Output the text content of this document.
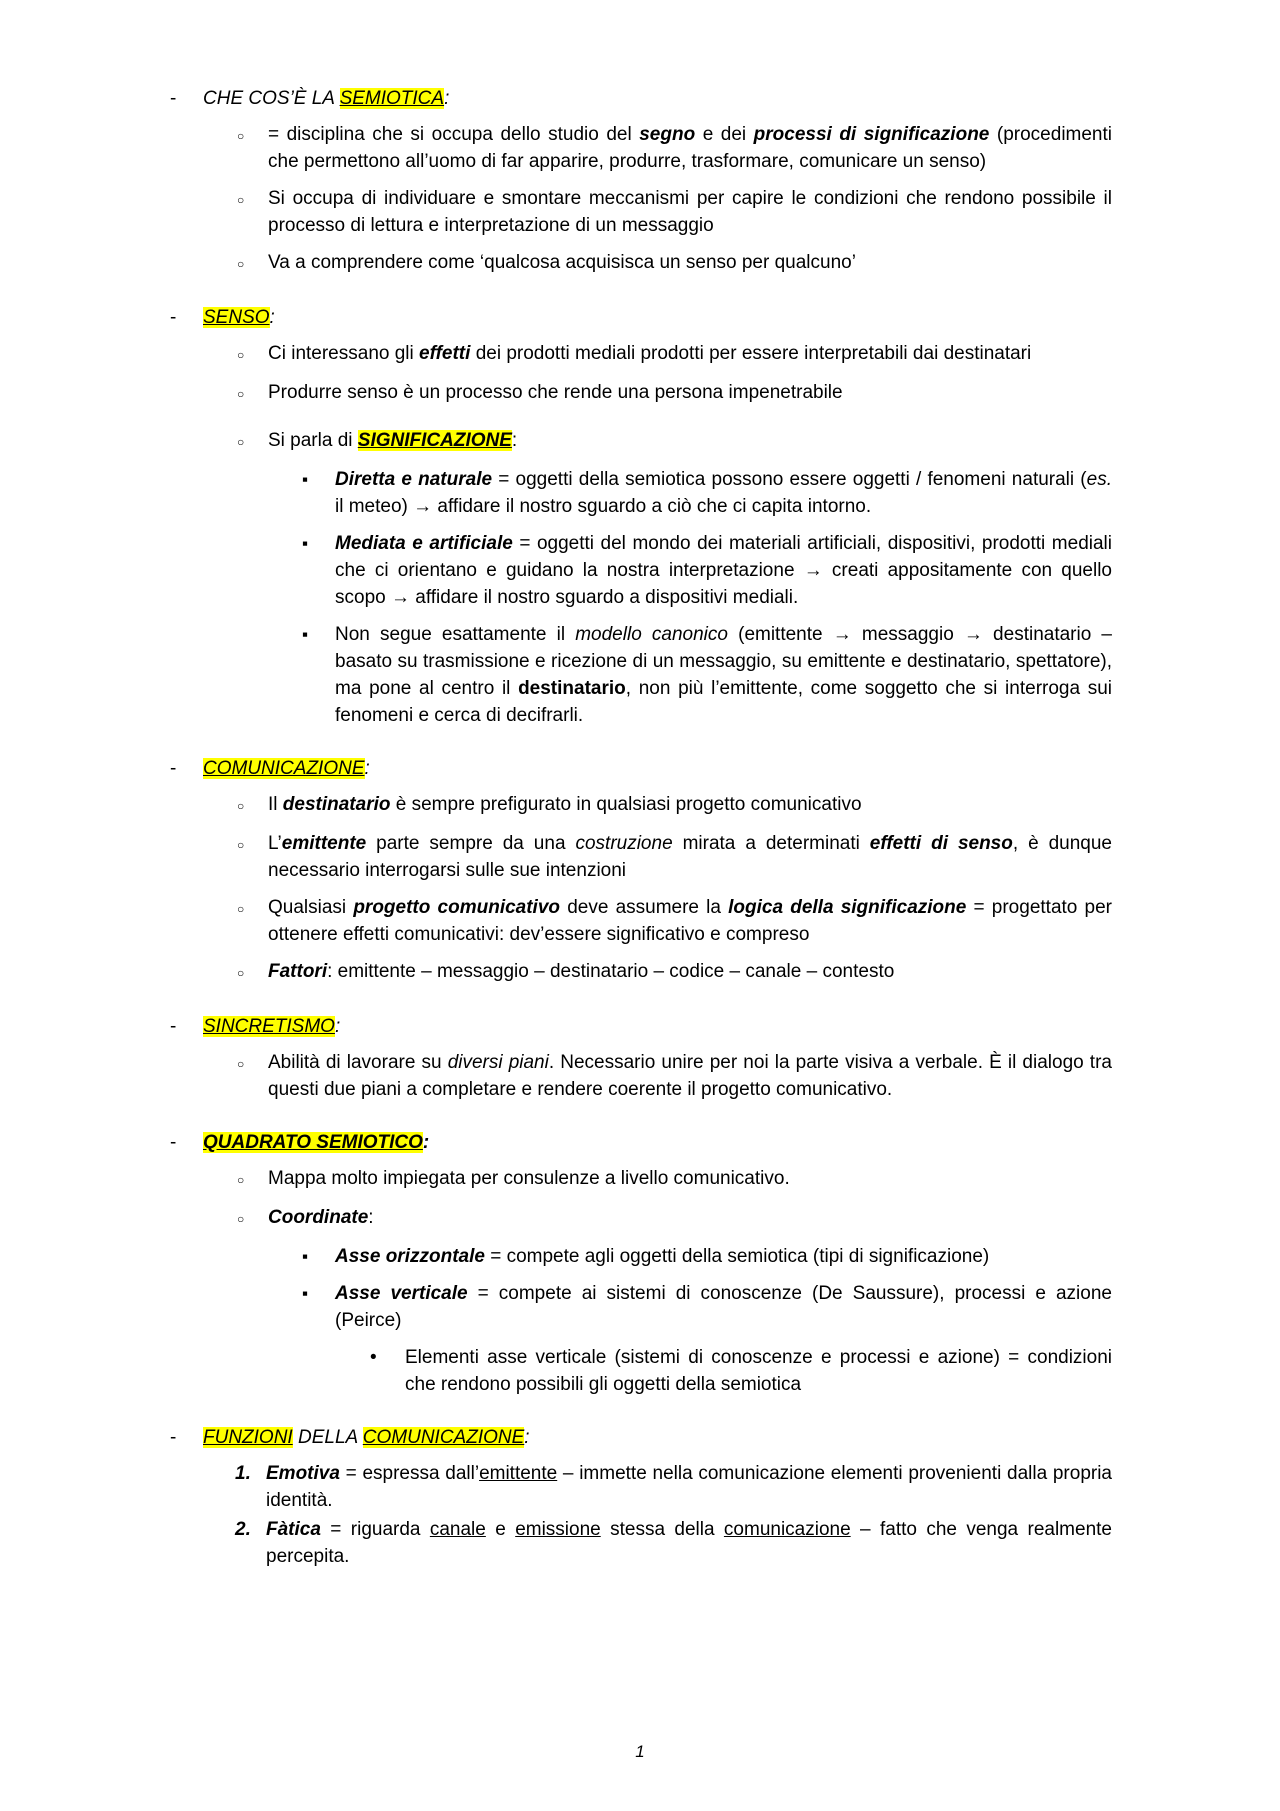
-	CHE COS’È LA SEMIOTICA:
○	= disciplina che si occupa dello studio del segno e dei processi di significazione (procedimenti che permettono all’uomo di far apparire, produrre, trasformare, comunicare un senso)
○	Si occupa di individuare e smontare meccanismi per capire le condizioni che rendono possibile il processo di lettura e interpretazione di un messaggio
○	Va a comprendere come ‘qualcosa acquisisca un senso per qualcuno’
-	SENSO:
○	Ci interessano gli effetti dei prodotti mediali prodotti per essere interpretabili dai destinatari
○	Produrre senso è un processo che rende una persona impenetrabile
○	Si parla di SIGNIFICAZIONE:
▪	Diretta e naturale = oggetti della semiotica possono essere oggetti / fenomeni naturali (es. il meteo) → affidare il nostro sguardo a ciò che ci capita intorno.
▪	Mediata e artificiale = oggetti del mondo dei materiali artificiali, dispositivi, prodotti mediali che ci orientano e guidano la nostra interpretazione → creati appositamente con quello scopo → affidare il nostro sguardo a dispositivi mediali.
▪	Non segue esattamente il modello canonico (emittente → messaggio → destinatario – basato su trasmissione e ricezione di un messaggio, su emittente e destinatario, spettatore), ma pone al centro il destinatario, non più l’emittente, come soggetto che si interroga sui fenomeni e cerca di decifrarli.
-	COMUNICAZIONE:
○	Il destinatario è sempre prefigurato in qualsiasi progetto comunicativo
○	L’emittente parte sempre da una costruzione mirata a determinati effetti di senso, è dunque necessario interrogarsi sulle sue intenzioni
○	Qualsiasi progetto comunicativo deve assumere la logica della significazione = progettato per ottenere effetti comunicativi: dev’essere significativo e compreso
○	Fattori: emittente – messaggio – destinatario – codice – canale – contesto
-	SINCRETISMO:
○	Abilità di lavorare su diversi piani. Necessario unire per noi la parte visiva a verbale. È il dialogo tra questi due piani a completare e rendere coerente il progetto comunicativo.
-	QUADRATO SEMIOTICO:
○	Mappa molto impiegata per consulenze a livello comunicativo.
○	Coordinate:
▪	Asse orizzontale = compete agli oggetti della semiotica (tipi di significazione)
▪	Asse verticale = compete ai sistemi di conoscenze (De Saussure), processi e azione (Peirce)
•	Elementi asse verticale (sistemi di conoscenze e processi e azione) = condizioni che rendono possibili gli oggetti della semiotica
-	FUNZIONI DELLA COMUNICAZIONE:
1. Emotiva = espressa dall’emittente – immette nella comunicazione elementi provenienti dalla propria identità.
2. Fàtica = riguarda canale e emissione stessa della comunicazione – fatto che venga realmente percepita.
1
